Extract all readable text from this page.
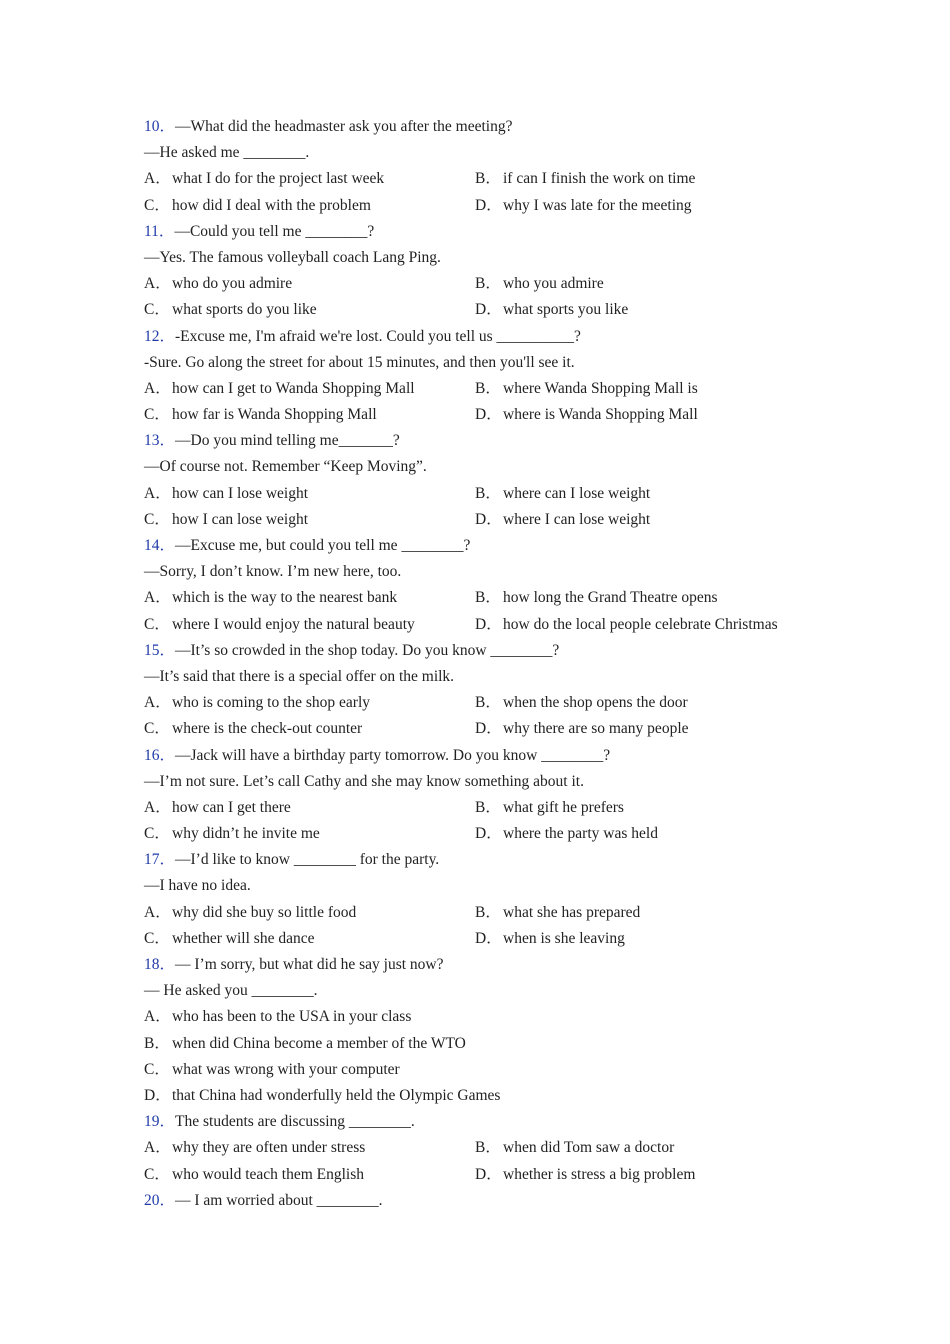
10．—What did the headmaster ask you after the meeting?
—He asked me ________.
A．what I do for the project last week	B． if can I finish the work on time
C． how did I deal with the problem	D．why I was late for the meeting
11．—Could you tell me ________?
—Yes. The famous volleyball coach Lang Ping.
A．who do you admire	B． who you admire
C． what sports do you like	D．what sports you like
12．-Excuse me, I'm afraid we're lost. Could you tell us __________?
-Sure. Go along the street for about 15 minutes, and then you'll see it.
A．how can I get to Wanda Shopping Mall	B． where Wanda Shopping Mall is
C． how far is Wanda Shopping Mall	D．where is Wanda Shopping Mall
13．—Do you mind telling me_______?
—Of course not. Remember “Keep Moving”.
A．how can I lose weight	B． where can I lose weight
C． how I can lose weight	D．where I can lose weight
14．—Excuse me, but could you tell me ________?
—Sorry, I don’t know. I’m new here, too.
A．which is the way to the nearest bank	B． how long the Grand Theatre opens
C． where I would enjoy the natural beauty	D．how do the local people celebrate Christmas
15．—It’s so crowded in the shop today. Do you know ________?
—It’s said that there is a special offer on the milk.
A．who is coming to the shop early	B． when the shop opens the door
C． where is the check-out counter	D．why there are so many people
16．—Jack will have a birthday party tomorrow. Do you know ________?
—I’m not sure. Let’s call Cathy and she may know something about it.
A．how can I get there	B． what gift he prefers
C． why didn’t he invite me	D．where the party was held
17．—I’d like to know ________ for the party.
—I have no idea.
A．why did she buy so little food	B． what she has prepared
C． whether will she dance	D．when is she leaving
18．— I’m sorry, but what did he say just now?
— He asked you ________.
A．who has been to the USA in your class
B． when did China become a member of the WTO
C． what was wrong with your computer
D．that China had wonderfully held the Olympic Games
19．The students are discussing ________.
A．why they are often under stress	B． when did Tom saw a doctor
C． who would teach them English	D．whether is stress a big problem
20．— I am worried about ________.
